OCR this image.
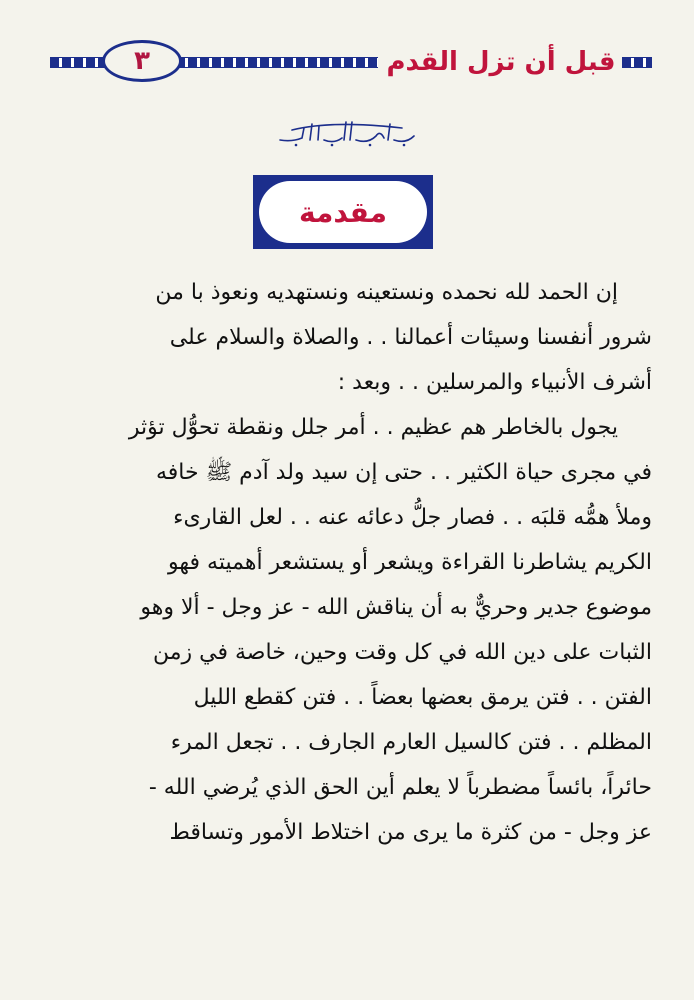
٣	قبل أن تزل القدم
مقدمة

إن الحمد لله نحمده ونستعينه ونستهديه ونعوذ با من
شرور أنفسنا وسيئات أعمالنا . . والصلاة والسلام على
أشرف الأنبياء والمرسلين . . وبعد :

يجول بالخاطر هم عظيم . . أمر جلل ونقطة تحوُّل تؤثر
في مجرى حياة الكثير . . حتى إن سيد ولد آدم ﷺ خافه
وملأ همُّه قلبَه . . فصار جلُّ دعائه عنه . . لعل القارىء
الكريم يشاطرنا القراءة ويشعر أو يستشعر أهميته فهو
موضوع جدير وحريٌّ به أن يناقش الله - عز وجل - ألا وهو
الثبات على دين الله في كل وقت وحين، خاصة في زمن
الفتن . . فتن يرمق بعضها بعضاً . . فتن كقطع الليل
المظلم . . فتن كالسيل العارم الجارف . . تجعل المرء
حائراً، بائساً مضطرباً لا يعلم أين الحق الذي يُرضي الله -
عز وجل - من كثرة ما يرى من اختلاط الأمور وتساقط
